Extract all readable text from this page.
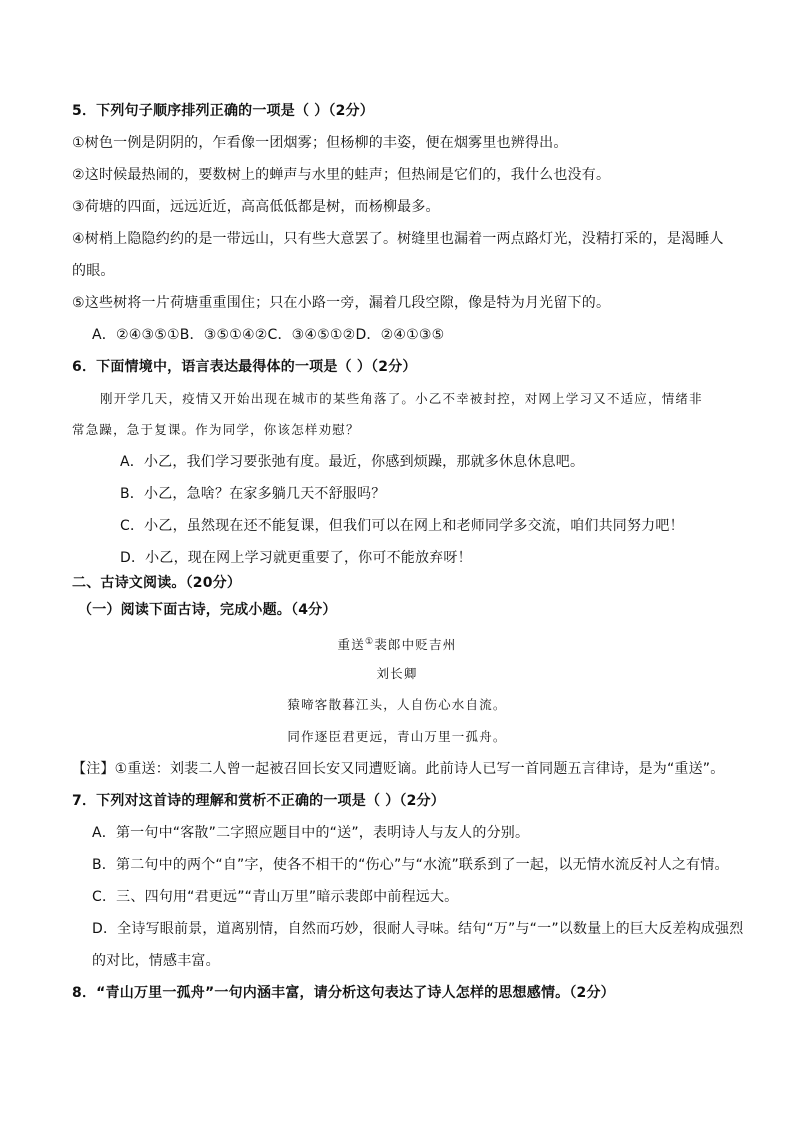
5．下列句子顺序排列正确的一项是（ ）（2分）
①树色一例是阴阴的，乍看像一团烟雾；但杨柳的丰姿，便在烟雾里也辨得出。
②这时候最热闹的，要数树上的蝉声与水里的蛙声；但热闹是它们的，我什么也没有。
③荷塘的四面，远远近近，高高低低都是树，而杨柳最多。
④树梢上隐隐约约的是一带远山，只有些大意罢了。树缝里也漏着一两点路灯光，没精打采的，是渴睡人
的眼。
⑤这些树将一片荷塘重重围住；只在小路一旁，漏着几段空隙，像是特为月光留下的。
A．②④③⑤①B．③⑤①④②C．③④⑤①②D．②④①③⑤
6．下面情境中，语言表达最得体的一项是（ ）（2分）
刚开学几天，疫情又开始出现在城市的某些角落了。小乙不幸被封控，对网上学习又不适应，情绪非
常急躁，急于复课。作为同学，你该怎样劝慰？
A．小乙，我们学习要张弛有度。最近，你感到烦躁，那就多休息休息吧。
B．小乙，急啥？在家多躺几天不舒服吗？
C．小乙，虽然现在还不能复课，但我们可以在网上和老师同学多交流，咱们共同努力吧！
D．小乙，现在网上学习就更重要了，你可不能放弃呀！
二、古诗文阅读。（20分）
（一）阅读下面古诗，完成小题。（4分）
重送①裴郎中贬吉州
刘长卿
猿啼客散暮江头，人自伤心水自流。
同作逐臣君更远，青山万里一孤舟。
【注】①重送：刘裴二人曾一起被召回长安又同遭贬谪。此前诗人已写一首同题五言律诗，是为“重送”。
7．下列对这首诗的理解和赏析不正确的一项是（ ）（2分）
A．第一句中“客散”二字照应题目中的“送”，表明诗人与友人的分别。
B．第二句中的两个“自”字，使各不相干的“伤心”与“水流”联系到了一起，以无情水流反衬人之有情。
C．三、四句用“君更远”“青山万里”暗示裴郎中前程远大。
D．全诗写眼前景，道离别情，自然而巧妙，很耐人寻味。结句“万”与“一”以数量上的巨大反差构成强烈
的对比，情感丰富。
8．“青山万里一孤舟”一句内涵丰富，请分析这句表达了诗人怎样的思想感情。（2分）
